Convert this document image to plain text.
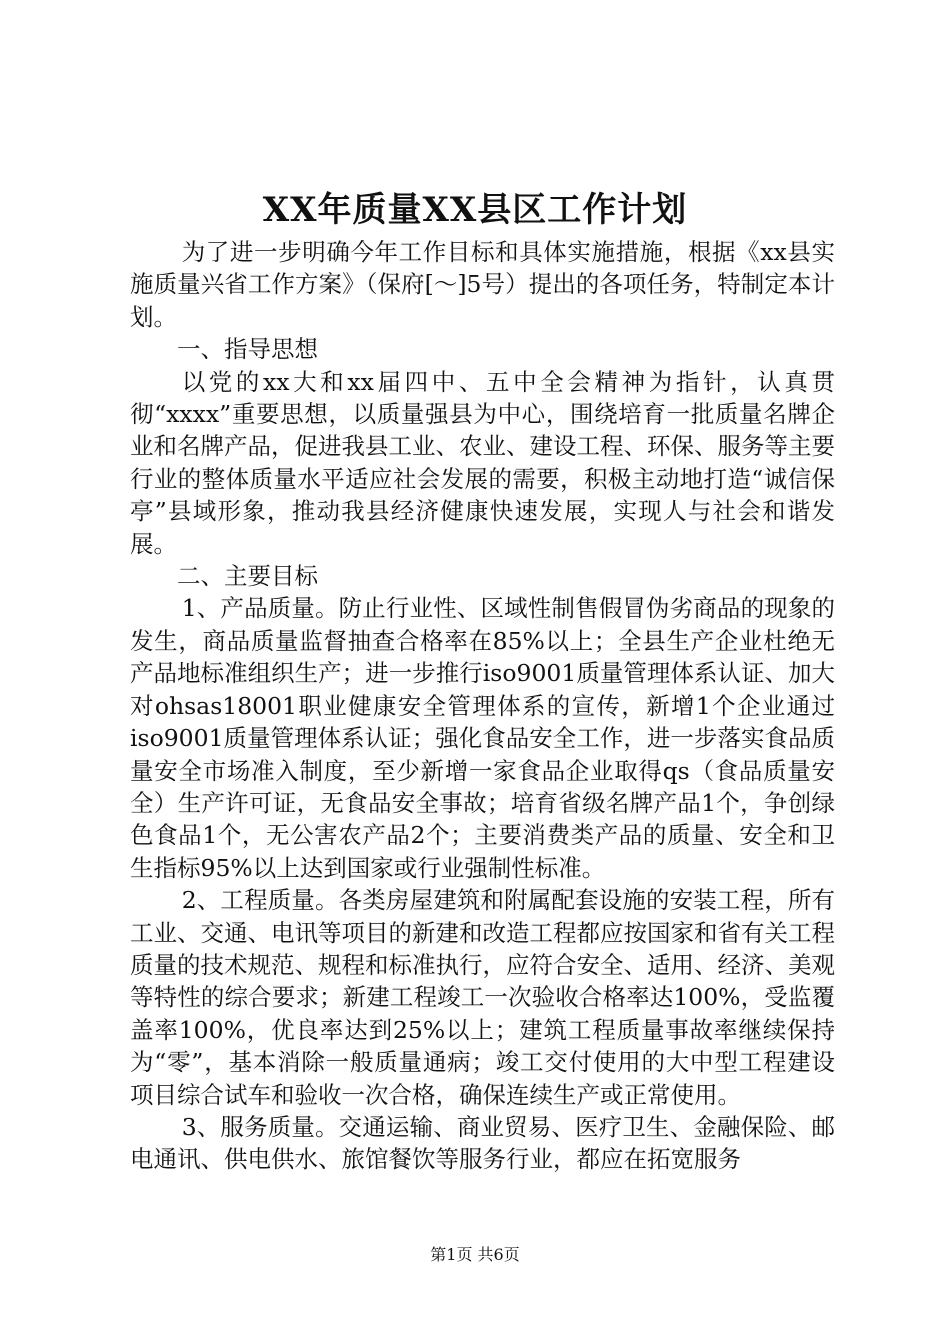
XX年质量XX县区工作计划

为了进一步明确今年工作目标和具体实施措施，根据《xx县实施质量兴省工作方案》（保府[～]5号）提出的各项任务，特制定本计划。

一、指导思想

以党的xx大和xx届四中、五中全会精神为指针，认真贯彻“xxxx”重要思想，以质量强县为中心，围绕培育一批质量名牌企业和名牌产品，促进我县工业、农业、建设工程、环保、服务等主要行业的整体质量水平适应社会发展的需要，积极主动地打造“诚信保亭”县域形象，推动我县经济健康快速发展，实现人与社会和谐发展。

二、主要目标

1、产品质量。防止行业性、区域性制售假冒伪劣商品的现象的发生，商品质量监督抽查合格率在85%以上；全县生产企业杜绝无产品地标准组织生产；进一步推行iso9001质量管理体系认证、加大对ohsas18001职业健康安全管理体系的宣传，新增1个企业通过iso9001质量管理体系认证；强化食品安全工作，进一步落实食品质量安全市场准入制度，至少新增一家食品企业取得qs（食品质量安全）生产许可证，无食品安全事故；培育省级名牌产品1个，争创绿色食品1个，无公害农产品2个；主要消费类产品的质量、安全和卫生指标95%以上达到国家或行业强制性标准。

2、工程质量。各类房屋建筑和附属配套设施的安装工程，所有工业、交通、电讯等项目的新建和改造工程都应按国家和省有关工程质量的技术规范、规程和标准执行，应符合安全、适用、经济、美观等特性的综合要求；新建工程竣工一次验收合格率达100%，受监覆盖率100%，优良率达到25%以上；建筑工程质量事故率继续保持为“零”，基本消除一般质量通病；竣工交付使用的大中型工程建设项目综合试车和验收一次合格，确保连续生产或正常使用。

3、服务质量。交通运输、商业贸易、医疗卫生、金融保险、邮电通讯、供电供水、旅馆餐饮等服务行业，都应在拓宽服务

第1页 共6页
